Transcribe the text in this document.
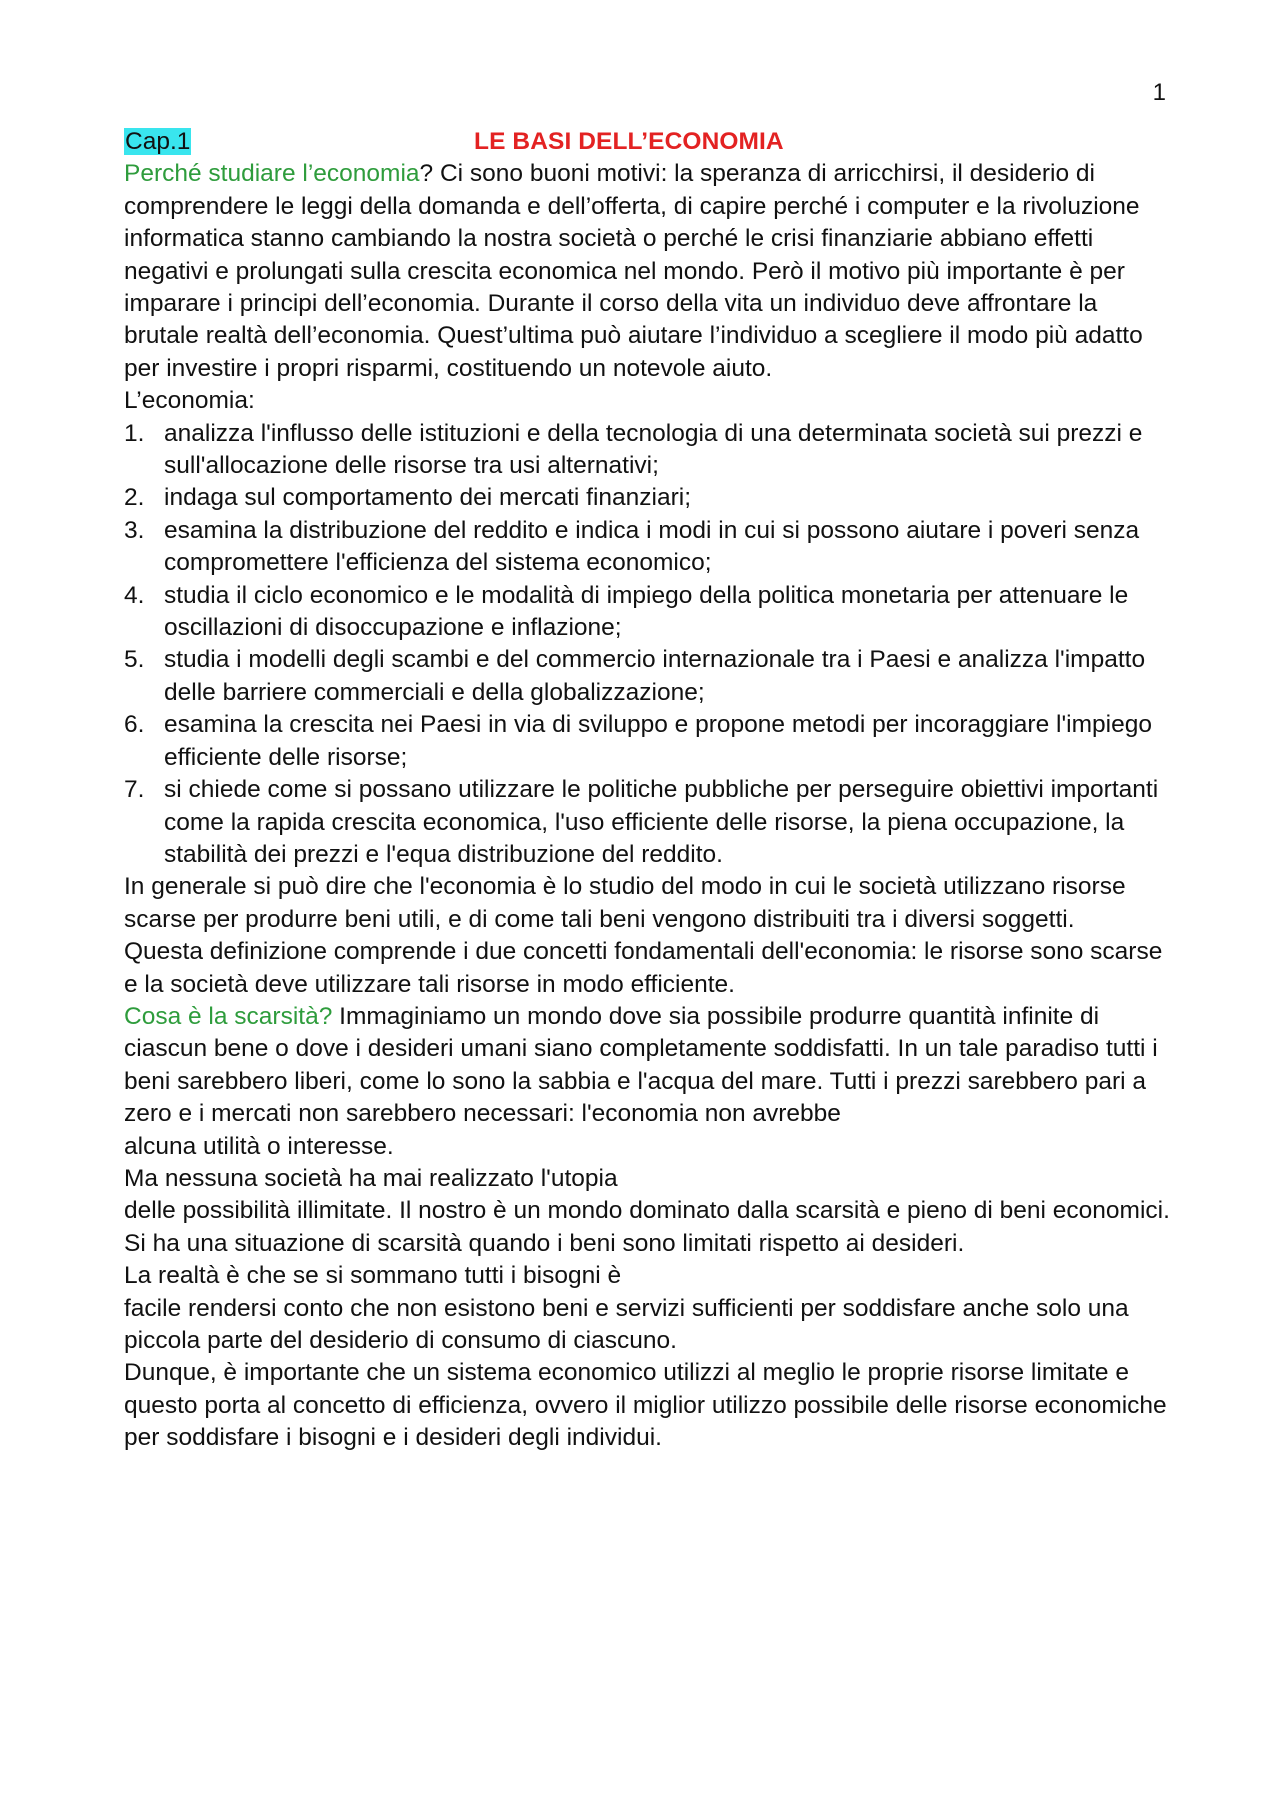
1
Cap.1	LE BASI DELL’ECONOMIA

Perché studiare l’economia? Ci sono buoni motivi: la speranza di arricchirsi, il desiderio di comprendere le leggi della domanda e dell’offerta, di capire perché i computer e la rivoluzione informatica stanno cambiando la nostra società o perché le crisi finanziarie abbiano effetti negativi e prolungati sulla crescita economica nel mondo. Però il motivo più importante è per imparare i principi dell’economia. Durante il corso della vita un individuo deve affrontare la brutale realtà dell’economia. Quest’ultima può aiutare l’individuo a scegliere il modo più adatto per investire i propri risparmi, costituendo un notevole aiuto.

L’economia:

1. analizza l'influsso delle istituzioni e della tecnologia di una determinata società sui prezzi e sull'allocazione delle risorse tra usi alternativi;
2. indaga sul comportamento dei mercati finanziari;
3. esamina la distribuzione del reddito e indica i modi in cui si possono aiutare i poveri senza compromettere l'efficienza del sistema economico;
4. studia il ciclo economico e le modalità di impiego della politica monetaria per attenuare le oscillazioni di disoccupazione e inflazione;
5. studia i modelli degli scambi e del commercio internazionale tra i Paesi e analizza l'impatto delle barriere commerciali e della globalizzazione;
6. esamina la crescita nei Paesi in via di sviluppo e propone metodi per incoraggiare l'impiego efficiente delle risorse;
7. si chiede come si possano utilizzare le politiche pubbliche per perseguire obiettivi importanti come la rapida crescita economica, l'uso efficiente delle risorse, la piena occupazione, la stabilità dei prezzi e l'equa distribuzione del reddito.

In generale si può dire che l'economia è lo studio del modo in cui le società utilizzano risorse scarse per produrre beni utili, e di come tali beni vengono distribuiti tra i diversi soggetti.

Questa definizione comprende i due concetti fondamentali dell'economia: le risorse sono scarse e la società deve utilizzare tali risorse in modo efficiente.

Cosa è la scarsità? Immaginiamo un mondo dove sia possibile produrre quantità infinite di ciascun bene o dove i desideri umani siano completamente soddisfatti. In un tale paradiso tutti i beni sarebbero liberi, come lo sono la sabbia e l'acqua del mare. Tutti i prezzi sarebbero pari a zero e i mercati non sarebbero necessari: l'economia non avrebbe

alcuna utilità o interesse.

Ma nessuna società ha mai realizzato l'utopia

delle possibilità illimitate. Il nostro è un mondo dominato dalla scarsità e pieno di beni economici.

Si ha una situazione di scarsità quando i beni sono limitati rispetto ai desideri.

La realtà è che se si sommano tutti i bisogni è

facile rendersi conto che non esistono beni e servizi sufficienti per soddisfare anche solo una piccola parte del desiderio di consumo di ciascuno.

Dunque, è importante che un sistema economico utilizzi al meglio le proprie risorse limitate e questo porta al concetto di efficienza, ovvero il miglior utilizzo possibile delle risorse economiche per soddisfare i bisogni e i desideri degli individui.
